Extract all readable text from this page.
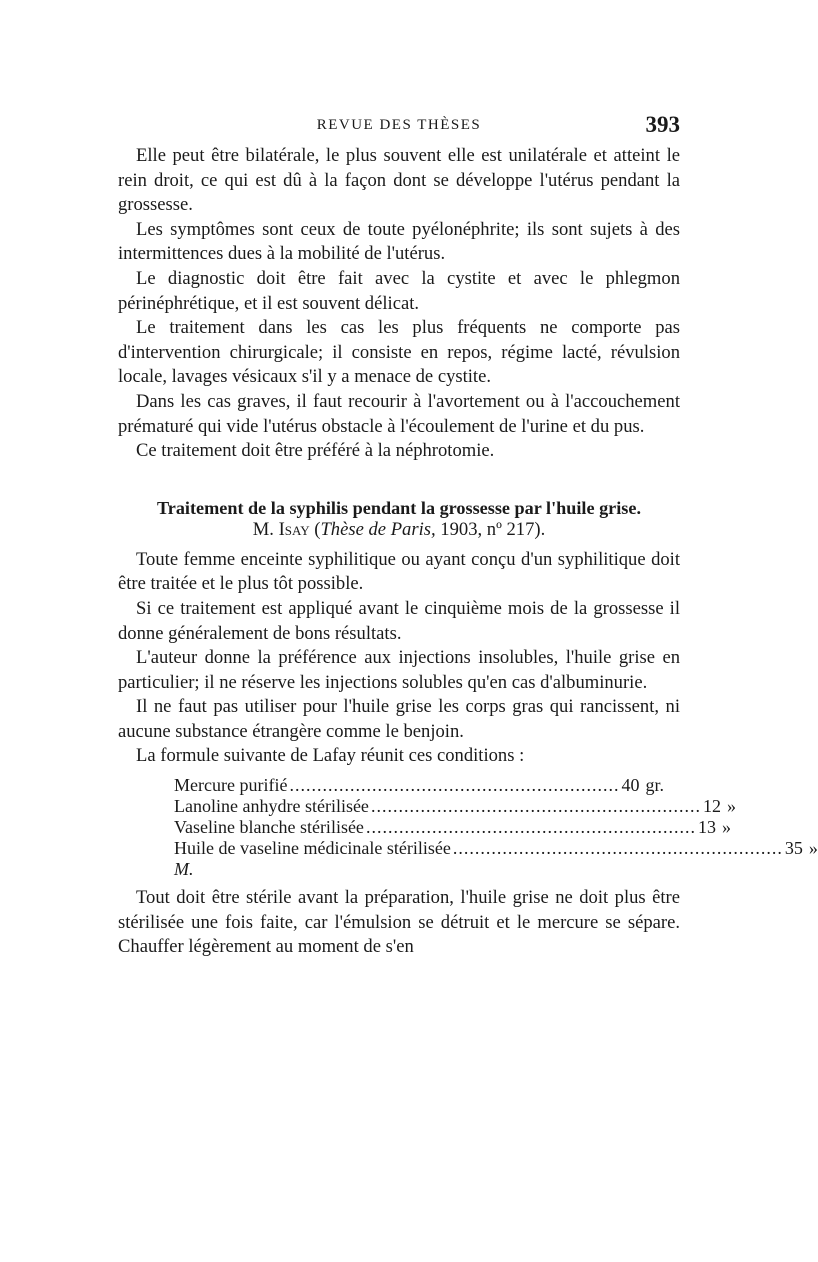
REVUE DES THÈSES	393

Elle peut être bilatérale, le plus souvent elle est unilatérale et atteint le rein droit, ce qui est dû à la façon dont se développe l'utérus pendant la grossesse.

Les symptômes sont ceux de toute pyélonéphrite; ils sont sujets à des intermittences dues à la mobilité de l'utérus.

Le diagnostic doit être fait avec la cystite et avec le phlegmon périnéphrétique, et il est souvent délicat.

Le traitement dans les cas les plus fréquents ne comporte pas d'intervention chirurgicale; il consiste en repos, régime lacté, révulsion locale, lavages vésicaux s'il y a menace de cystite.

Dans les cas graves, il faut recourir à l'avortement ou à l'accouchement prématuré qui vide l'utérus obstacle à l'écoulement de l'urine et du pus.

Ce traitement doit être préféré à la néphrotomie.

Traitement de la syphilis pendant la grossesse par l'huile grise.
M. Isay (Thèse de Paris, 1903, nº 217).

Toute femme enceinte syphilitique ou ayant conçu d'un syphilitique doit être traitée et le plus tôt possible.

Si ce traitement est appliqué avant le cinquième mois de la grossesse il donne généralement de bons résultats.

L'auteur donne la préférence aux injections insolubles, l'huile grise en particulier; il ne réserve les injections solubles qu'en cas d'albuminurie.

Il ne faut pas utiliser pour l'huile grise les corps gras qui rancissent, ni aucune substance étrangère comme le benjoin.

La formule suivante de Lafay réunit ces conditions :

Mercure purifié ............................................................ 40 gr.
Lanoline anhydre stérilisée ............................................................ 12 »
Vaseline blanche stérilisée ............................................................ 13 »
Huile de vaseline médicinale stérilisée ............................................................ 35 »
M.

Tout doit être stérile avant la préparation, l'huile grise ne doit plus être stérilisée une fois faite, car l'émulsion se détruit et le mercure se sépare. Chauffer légèrement au moment de s'en
